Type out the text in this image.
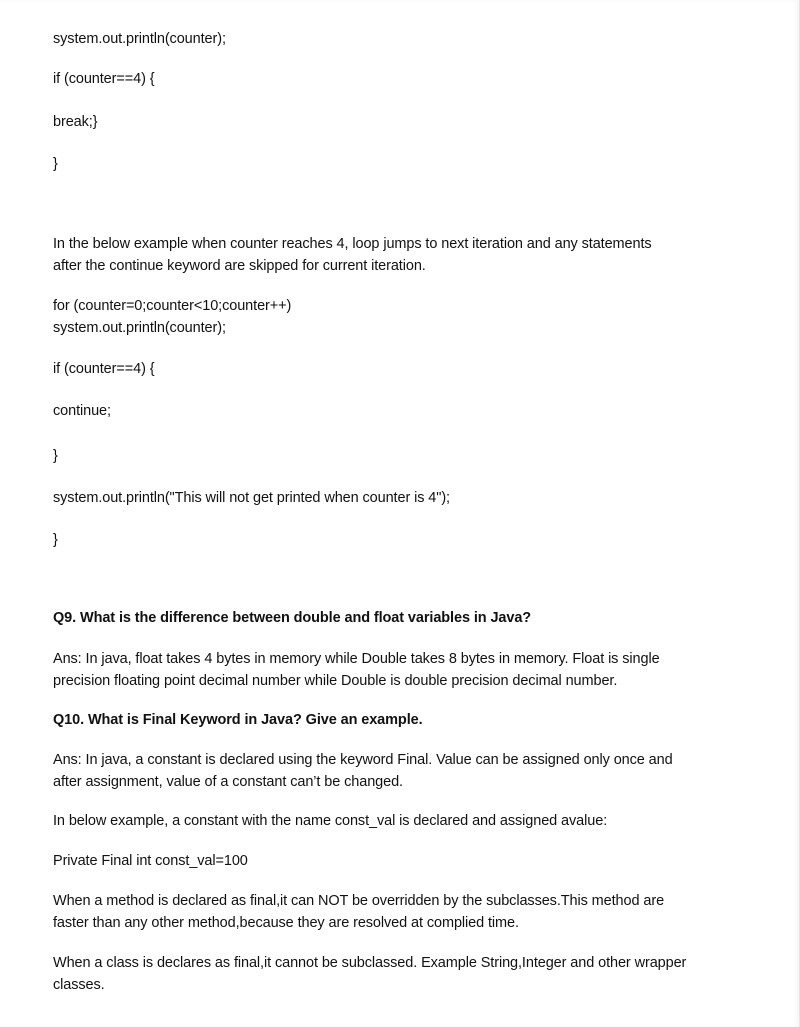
system.out.println(counter);

if (counter==4) {

break;}

}

In the below example when counter reaches 4, loop jumps to next iteration and any statements

after the continue keyword are skipped for current iteration.

for (counter=0;counter<10;counter++)

system.out.println(counter);

if (counter==4) {

continue;

}

system.out.println("This will not get printed when counter is 4");

}

Q9. What is the difference between double and float variables in Java?

Ans: In java, float takes 4 bytes in memory while Double takes 8 bytes in memory. Float is single

precision floating point decimal number while Double is double precision decimal number.

Q10. What is Final Keyword in Java? Give an example.

Ans: In java, a constant is declared using the keyword Final. Value can be assigned only once and

after assignment, value of a constant can’t be changed.

In below example, a constant with the name const_val is declared and assigned avalue:

Private Final int const_val=100

When a method is declared as final,it can NOT be overridden by the subclasses.This method are

faster than any other method,because they are resolved at complied time.

When a class is declares as final,it cannot be subclassed. Example String,Integer and other wrapper

classes.
